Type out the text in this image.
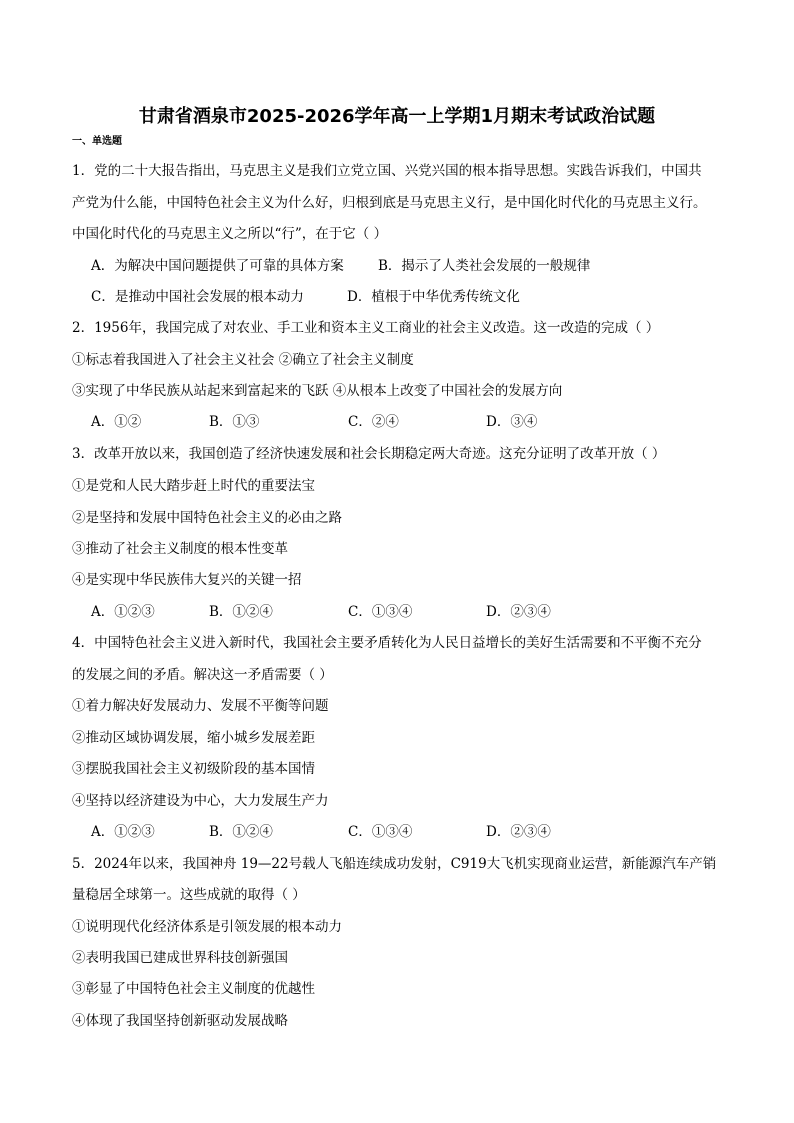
甘肃省酒泉市2025-2026学年高一上学期1月期末考试政治试题
一、单选题
1．党的二十大报告指出，马克思主义是我们立党立国、兴党兴国的根本指导思想。实践告诉我们，中国共
产党为什么能，中国特色社会主义为什么好，归根到底是马克思主义行，是中国化时代化的马克思主义行。
中国化时代化的马克思主义之所以“行”，在于它（ ）
A．为解决中国问题提供了可靠的具体方案	B．揭示了人类社会发展的一般规律
C．是推动中国社会发展的根本动力	D．植根于中华优秀传统文化
2．1956年，我国完成了对农业、手工业和资本主义工商业的社会主义改造。这一改造的完成（ ）
①标志着我国进入了社会主义社会 ②确立了社会主义制度
③实现了中华民族从站起来到富起来的飞跃 ④从根本上改变了中国社会的发展方向
A．①②	B．①③	C．②④	D．③④
3．改革开放以来，我国创造了经济快速发展和社会长期稳定两大奇迹。这充分证明了改革开放（ ）
①是党和人民大踏步赶上时代的重要法宝
②是坚持和发展中国特色社会主义的必由之路
③推动了社会主义制度的根本性变革
④是实现中华民族伟大复兴的关键一招
A．①②③	B．①②④	C．①③④	D．②③④
4．中国特色社会主义进入新时代，我国社会主要矛盾转化为人民日益增长的美好生活需要和不平衡不充分
的发展之间的矛盾。解决这一矛盾需要（ ）
①着力解决好发展动力、发展不平衡等问题
②推动区域协调发展，缩小城乡发展差距
③摆脱我国社会主义初级阶段的基本国情
④坚持以经济建设为中心，大力发展生产力
A．①②③	B．①②④	C．①③④	D．②③④
5．2024年以来，我国神舟 19—22号载人飞船连续成功发射，C919大飞机实现商业运营，新能源汽车产销
量稳居全球第一。这些成就的取得（ ）
①说明现代化经济体系是引领发展的根本动力
②表明我国已建成世界科技创新强国
③彰显了中国特色社会主义制度的优越性
④体现了我国坚持创新驱动发展战略
